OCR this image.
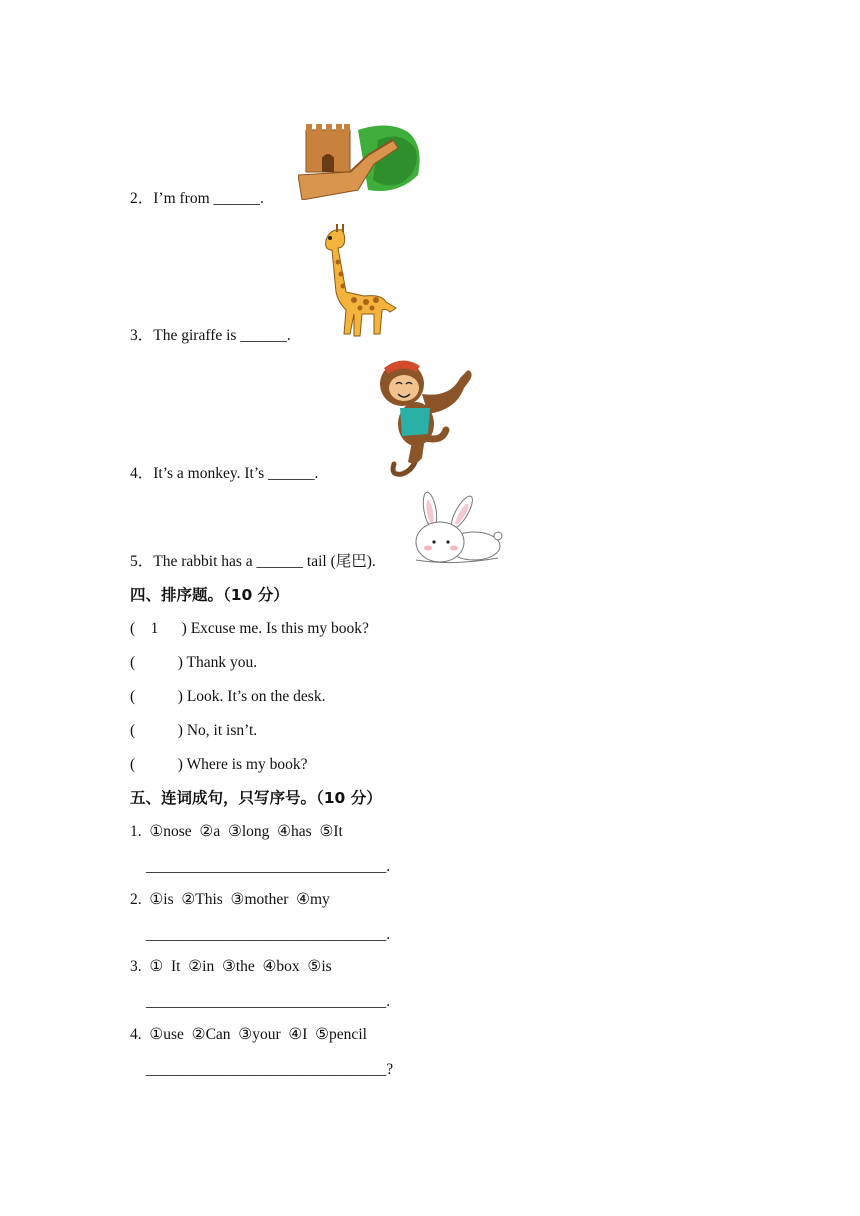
2．I’m from ______.
3．The giraffe is ______.
4．It’s a monkey. It’s ______.
5．The rabbit has a ______ tail (尾巴).
四、排序题。（10 分）
(    1      ) Excuse me. Is this my book?
(           ) Thank you.
(           ) Look. It’s on the desk.
(           ) No, it isn’t.
(           ) Where is my book?
五、连词成句，只写序号。（10 分）
1.  ①nose  ②a  ③long  ④has  ⑤It
_______________________________.
2.  ①is  ②This  ③mother  ④my
_______________________________.
3.  ①  It  ②in  ③the  ④box  ⑤is
_______________________________.
4.  ①use  ②Can  ③your  ④I  ⑤pencil
_______________________________?
